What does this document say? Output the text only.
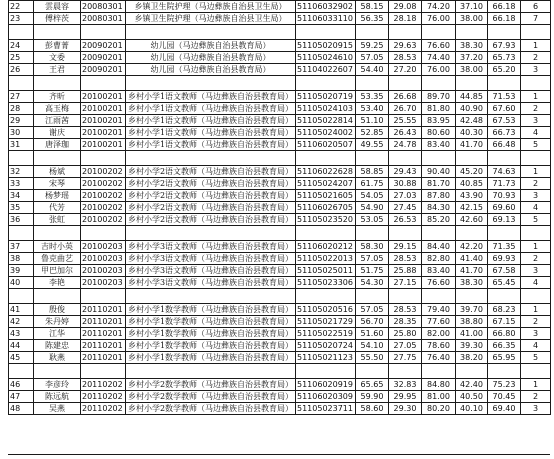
22	雲晨容	20080301	乡镇卫生院护理（马边彝族自治县卫生局）	51106032902	58.15	29.08	74.20	37.10	66.18	6
23	傅梓茨	20080301	乡镇卫生院护理（马边彝族自治县卫生局）	51106033110	56.35	28.18	76.00	38.00	66.18	7

24	彭曹菁	20090201	幼儿园（马边彝族自治县教育局）	51105020915	59.25	29.63	76.60	38.30	67.93	1
25	文委	20090201	幼儿园（马边彝族自治县教育局）	51105024610	57.05	28.53	74.40	37.20	65.73	2
26	王君	20090201	幼儿园（马边彝族自治县教育局）	51104022607	54.40	27.20	76.00	38.00	65.20	3

27	齐昕	20100201	乡村小学1语文教师（马边彝族自治县教育局）	51105020719	53.35	26.68	89.70	44.85	71.53	1
28	高玉梅	20100201	乡村小学1语文教师（马边彝族自治县教育局）	51105024103	53.40	26.70	81.80	40.90	67.60	2
29	江雨茜	20100201	乡村小学1语文教师（马边彝族自治县教育局）	51105022814	51.10	25.55	83.95	42.48	67.53	3
30	谢庆	20100201	乡村小学1语文教师（马边彝族自治县教育局）	51105024002	52.85	26.43	80.60	40.30	66.73	4
31	唐泽珈	20100201	乡村小学1语文教师（马边彝族自治县教育局）	51106020507	49.55	24.78	83.40	41.70	66.48	5

32	杨斌	20100202	乡村小学2语文教师（马边彝族自治县教育局）	51106022628	58.85	29.43	90.40	45.20	74.63	1
33	宋琴	20100202	乡村小学2语文教师（马边彝族自治县教育局）	51105024207	61.75	30.88	81.70	40.85	71.73	2
34	杨梦瑶	20100202	乡村小学2语文教师（马边彝族自治县教育局）	51105021605	54.05	27.03	87.80	43.90	70.93	3
35	代芳	20100202	乡村小学2语文教师（马边彝族自治县教育局）	51106026705	54.90	27.45	84.30	42.15	69.60	4
36	张虹	20100202	乡村小学2语文教师（马边彝族自治县教育局）	51105023520	53.05	26.53	85.20	42.60	69.13	5

37	吉时小英	20100203	乡村小学3语文教师（马边彝族自治县教育局）	51106020212	58.30	29.15	84.40	42.20	71.35	1
38	鲁克曲艺	20100203	乡村小学3语文教师（马边彝族自治县教育局）	51105022013	57.05	28.53	82.80	41.40	69.93	2
39	甲巴加尔	20100203	乡村小学3语文教师（马边彝族自治县教育局）	51105025011	51.75	25.88	83.40	41.70	67.58	3
40	李艳	20100203	乡村小学3语文教师（马边彝族自治县教育局）	51105023306	54.30	27.15	76.60	38.30	65.45	4

41	殷俊	20110201	乡村小学1数学教师（马边彝族自治县教育局）	51105020516	57.05	28.53	79.40	39.70	68.23	1
42	朱丹婷	20110201	乡村小学1数学教师（马边彝族自治县教育局）	51105021729	56.70	28.35	77.60	38.80	67.15	2
43	江华	20110201	乡村小学1数学教师（马边彝族自治县教育局）	51105022519	51.60	25.80	82.00	41.00	66.80	3
44	陈建忠	20110201	乡村小学1数学教师（马边彝族自治县教育局）	51105020724	54.10	27.05	78.60	39.30	66.35	4
45	耿燕	20110201	乡村小学1数学教师（马边彝族自治县教育局）	51105021123	55.50	27.75	76.40	38.20	65.95	5

46	李彦玲	20110202	乡村小学2数学教师（马边彝族自治县教育局）	51106020919	65.65	32.83	84.80	42.40	75.23	1
47	陈远航	20110202	乡村小学2数学教师（马边彝族自治县教育局）	51106020309	59.90	29.95	81.00	40.50	70.45	2
48	吴燕	20110202	乡村小学2数学教师（马边彝族自治县教育局）	51105023711	58.60	29.30	80.20	40.10	69.40	3
